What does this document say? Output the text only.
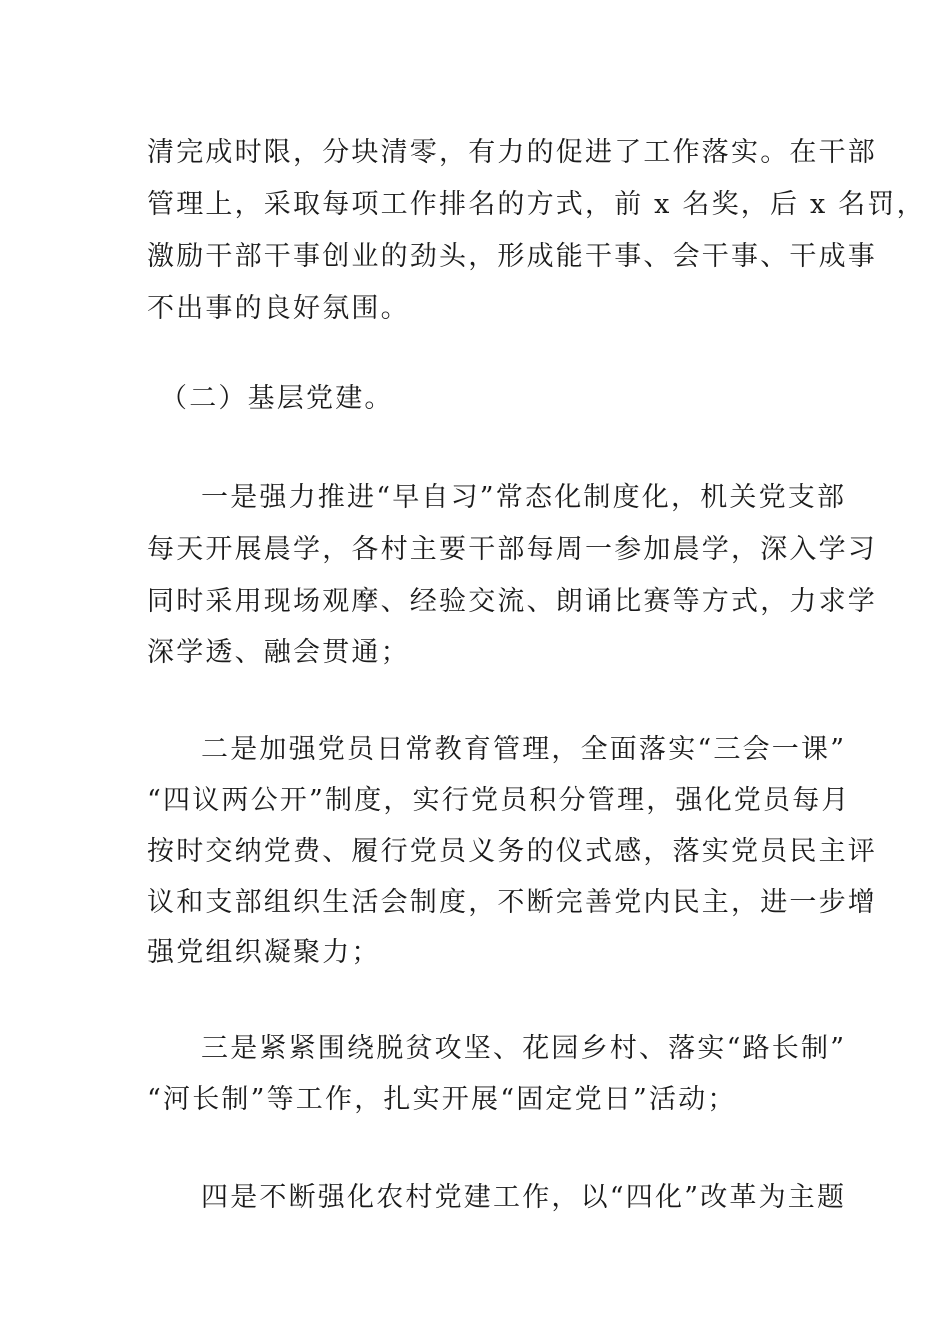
清完成时限，分块清零，有力的促进了工作落实。在干部
管理上，采取每项工作排名的方式，前 x 名奖，后 x 名罚，
激励干部干事创业的劲头，形成能干事、会干事、干成事
不出事的良好氛围。
（二）基层党建。
一是强力推进“早自习”常态化制度化，机关党支部
每天开展晨学，各村主要干部每周一参加晨学，深入学习
同时采用现场观摩、经验交流、朗诵比赛等方式，力求学
深学透、融会贯通；
二是加强党员日常教育管理，全面落实“三会一课”
“四议两公开”制度，实行党员积分管理，强化党员每月
按时交纳党费、履行党员义务的仪式感，落实党员民主评
议和支部组织生活会制度，不断完善党内民主，进一步增
强党组织凝聚力；
三是紧紧围绕脱贫攻坚、花园乡村、落实“路长制”
“河长制”等工作，扎实开展“固定党日”活动；
四是不断强化农村党建工作，以“四化”改革为主题
